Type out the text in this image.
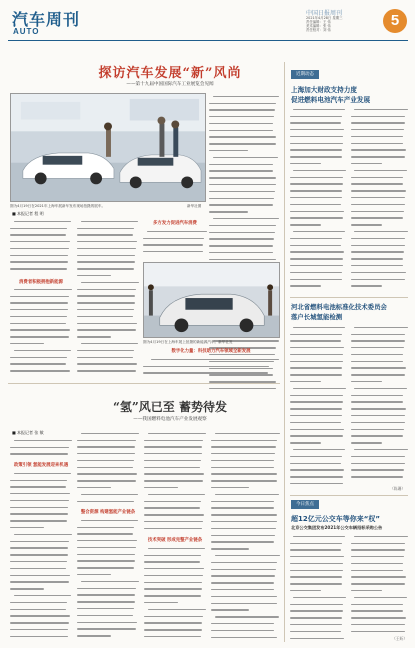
汽车周刊
AUTO
中国日报周刊
2021年4月28日 星期三
责任编辑：王 伟
美术编辑：张 伟
责任校对：刘 伟
5
探访汽车发展“新”风尚
——第十九届中国国际汽车工业展览会见闻
图为4月19日在2021年上海车展新车发布现场拍摄的展车。	新华社图
■ 本报记者 程 明
消费者积极拥抱新能源
多方发力促进汽车消费
图为4月19日在上海车展上拍摄的新能源汽车。新华社发
数字化力量：科技助力汽车领域全新发展
“氢”风已至 蓄势待发
——我国燃料电池汽车产业发展观察
■ 本报记者 张 敏
政策引领 氢能发展迎来机遇
整合资源 构建氢能产业链条
技术突破 形成完整产业链条
近期动态
上海加大财政支持力度
促进燃料电池汽车产业发展
河北省燃料电池标准化技术委员会
落户长城氢能检测
（陈珊）
今日焦点
超12亿元公交车等你来“权”
北京公交集团发布2021年公交车辆招标采购公告
（王昕）
